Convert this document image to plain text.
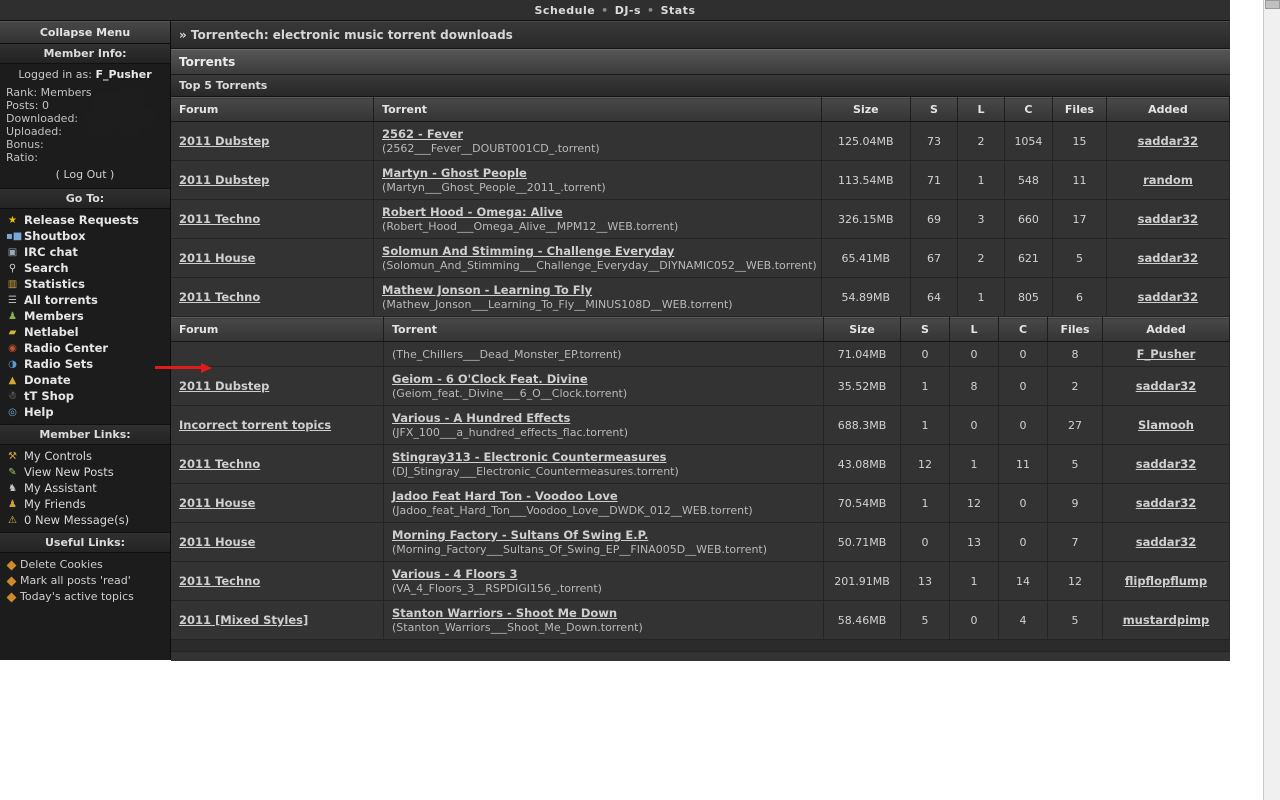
Schedule • DJ-s • Stats
Collapse Menu
Member Info:
Logged in as: F_Pusher
Rank: Members
Posts: 0
Downloaded:
Uploaded:
Bonus:
Ratio:
( Log Out )
Go To:
★ Release Requests
▪■ Shoutbox
▣ IRC chat
⚲ Search
▥ Statistics
☰ All torrents
♟ Members
▰ Netlabel
◉ Radio Center
◑ Radio Sets
▲ Donate
☃ tT Shop
◎ Help
Member Links:
⚒ My Controls
✎ View New Posts
♞ My Assistant
♟ My Friends
⚠ 0 New Message(s)
Useful Links:
Delete Cookies
Mark all posts 'read'
Today's active topics
» Torrentech: electronic music torrent downloads
Torrents
Top 5 Torrents
Forum	Torrent	Size	S	L	C	Files	Added
2011 Dubstep	2562 - Fever
(2562___Fever__DOUBT001CD_.torrent)	125.04MB	73	2	1054	15	saddar32
2011 Dubstep	Martyn - Ghost People
(Martyn___Ghost_People__2011_.torrent)	113.54MB	71	1	548	11	random
2011 Techno	Robert Hood - Omega: Alive
(Robert_Hood___Omega_Alive__MPM12__WEB.torrent)	326.15MB	69	3	660	17	saddar32
2011 House	Solomun And Stimming - Challenge Everyday
(Solomun_And_Stimming___Challenge_Everyday__DIYNAMIC052__WEB.torrent)	65.41MB	67	2	621	5	saddar32
2011 Techno	Mathew Jonson - Learning To Fly
(Mathew_Jonson___Learning_To_Fly__MINUS108D__WEB.torrent)	54.89MB	64	1	805	6	saddar32
Forum	Torrent	Size	S	L	C	Files	Added

	(The_Chillers___Dead_Monster_EP.torrent)	71.04MB	0	0	0	8	F_Pusher
2011 Dubstep	Geiom - 6 O'Clock Feat. Divine
(Geiom_feat._Divine___6_O__Clock.torrent)	35.52MB	1	8	0	2	saddar32
Incorrect torrent topics	Various - A Hundred Effects
(JFX_100___a_hundred_effects_flac.torrent)	688.3MB	1	0	0	27	Slamooh
2011 Techno	Stingray313 - Electronic Countermeasures
(DJ_Stingray___Electronic_Countermeasures.torrent)	43.08MB	12	1	11	5	saddar32
2011 House	Jadoo Feat Hard Ton - Voodoo Love
(Jadoo_feat_Hard_Ton___Voodoo_Love__DWDK_012__WEB.torrent)	70.54MB	1	12	0	9	saddar32
2011 House	Morning Factory - Sultans Of Swing E.P.
(Morning_Factory___Sultans_Of_Swing_EP__FINA005D__WEB.torrent)	50.71MB	0	13	0	7	saddar32
2011 Techno	Various - 4 Floors 3
(VA_4_Floors_3__RSPDIGI156_.torrent)	201.91MB	13	1	14	12	flipflopflump
2011 [Mixed Styles]	Stanton Warriors - Shoot Me Down
(Stanton_Warriors___Shoot_Me_Down.torrent)	58.46MB	5	0	4	5	mustardpimp
